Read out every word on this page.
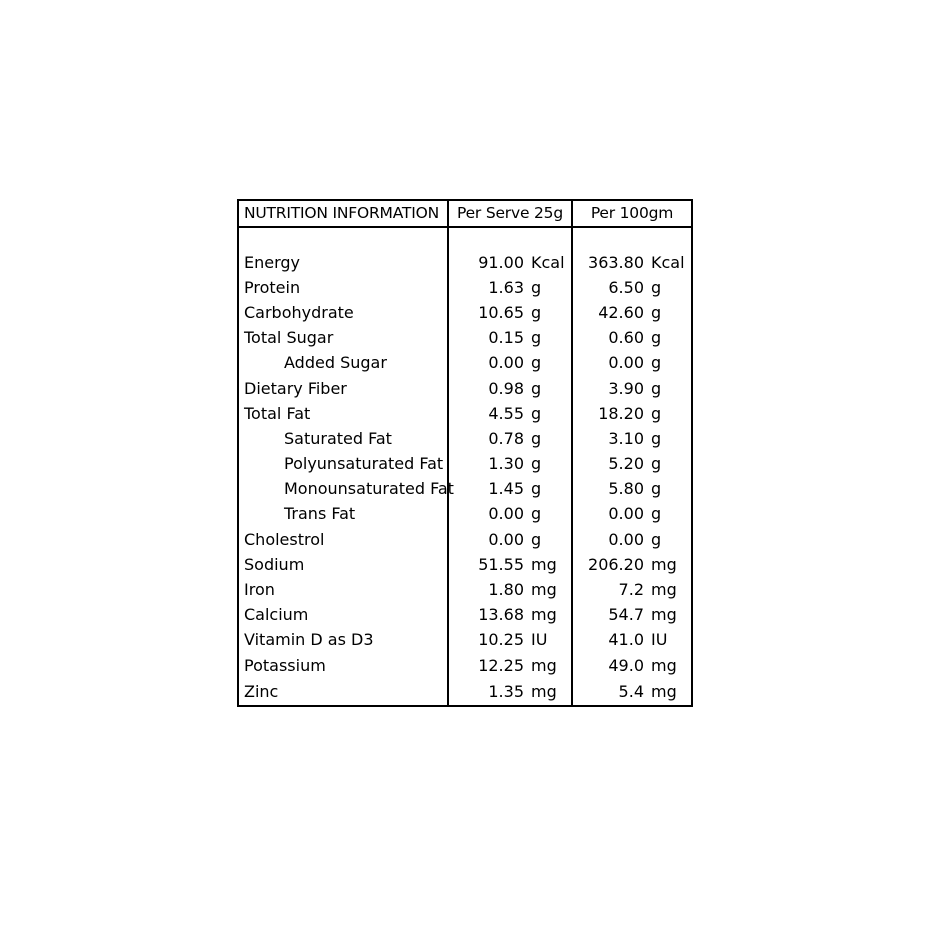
NUTRITION INFORMATION	Per Serve 25g	Per 100gm

Energy	91.00 Kcal	363.80 Kcal

Protein	1.63 g	6.50 g

Carbohydrate	10.65 g	42.60 g

Total Sugar	0.15 g	0.60 g

Added Sugar	0.00 g	0.00 g

Dietary Fiber	0.98 g	3.90 g

Total Fat	4.55 g	18.20 g

Saturated Fat	0.78 g	3.10 g

Polyunsaturated Fat	1.30 g	5.20 g

Monounsaturated Fat	1.45 g	5.80 g

Trans Fat	0.00 g	0.00 g

Cholestrol	0.00 g	0.00 g

Sodium	51.55 mg	206.20 mg

Iron	1.80 mg	7.2 mg

Calcium	13.68 mg	54.7 mg

Vitamin D as D3	10.25 IU	41.0 IU

Potassium	12.25 mg	49.0 mg

Zinc	1.35 mg	5.4 mg
